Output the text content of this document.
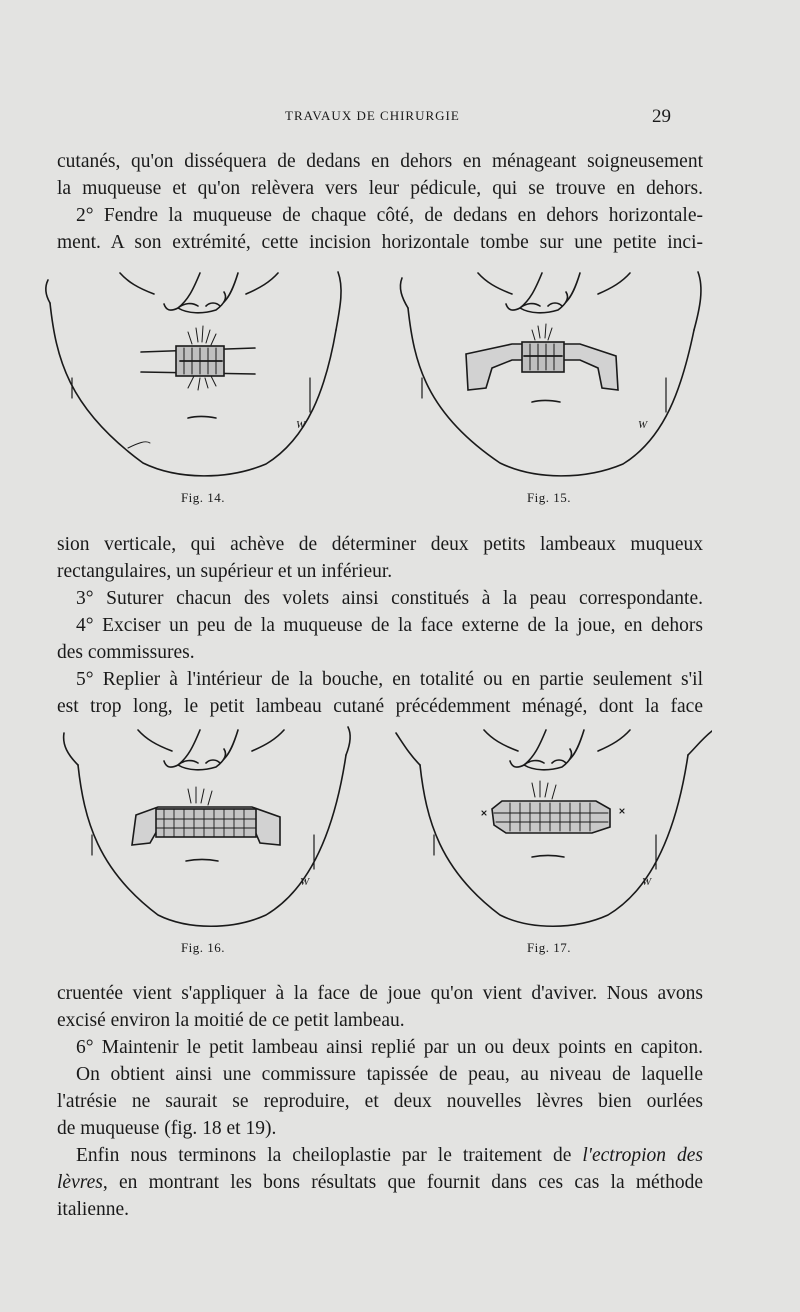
TRAVAUX DE CHIRURGIE	29
cutanés, qu'on disséquera de dedans en dehors en ménageant soigneusement
la muqueuse et qu'on relèvera vers leur pédicule, qui se trouve en dehors.
2° Fendre la muqueuse de chaque côté, de dedans en dehors horizontale-
ment. A son extrémité, cette incision horizontale tombe sur une petite inci-
W	W
Fig. 14.	Fig. 15.
sion verticale, qui achève de déterminer deux petits lambeaux muqueux
rectangulaires, un supérieur et un inférieur.
3° Suturer chacun des volets ainsi constitués à la peau correspondante.
4° Exciser un peu de la muqueuse de la face externe de la joue, en dehors
des commissures.
5° Replier à l'intérieur de la bouche, en totalité ou en partie seulement s'il
est trop long, le petit lambeau cutané précédemment ménagé, dont la face
W	W
Fig. 16.	Fig. 17.
cruentée vient s'appliquer à la face de joue qu'on vient d'aviver. Nous avons
excisé environ la moitié de ce petit lambeau.
6° Maintenir le petit lambeau ainsi replié par un ou deux points en capiton.
On obtient ainsi une commissure tapissée de peau, au niveau de laquelle
l'atrésie ne saurait se reproduire, et deux nouvelles lèvres bien ourlées
de muqueuse (fig. 18 et 19).
Enfin nous terminons la cheiloplastie par le traitement de l'ectropion des
lèvres, en montrant les bons résultats que fournit dans ces cas la méthode
italienne.
